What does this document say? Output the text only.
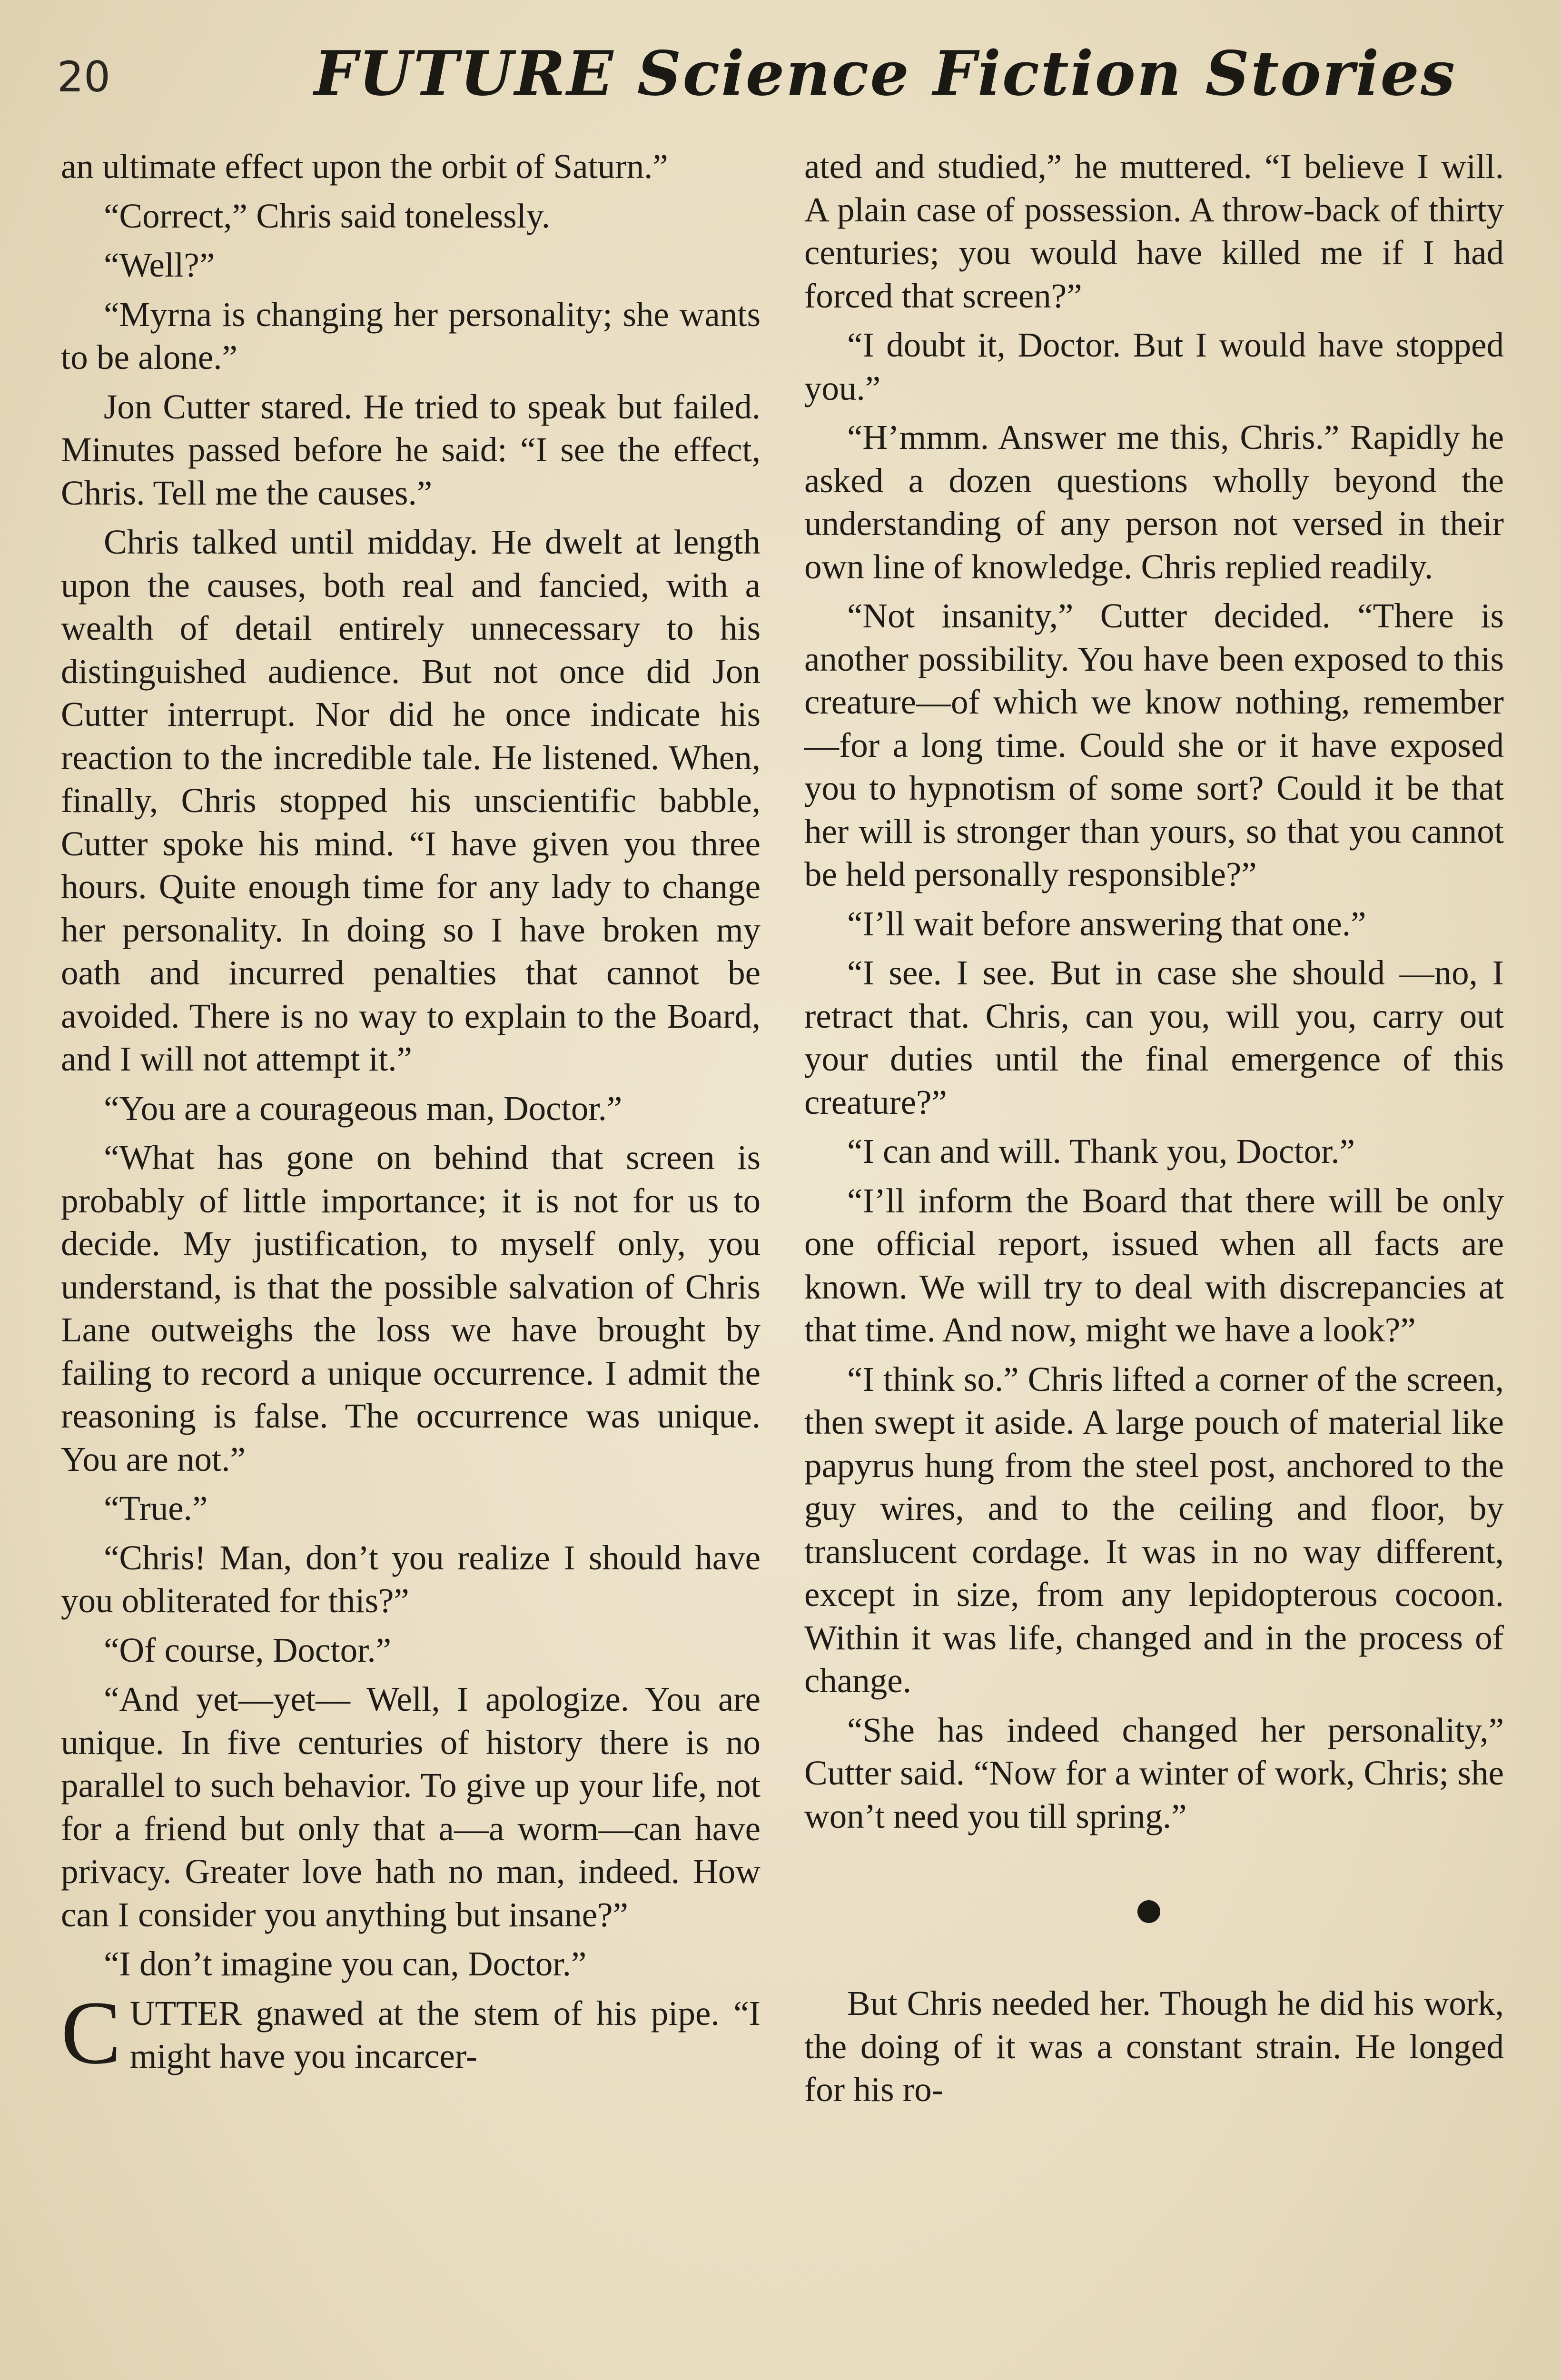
20	FUTURE Science Fiction Stories

an ultimate effect upon the orbit of Saturn.”

“Correct,” Chris said tonelessly.

“Well?”

“Myrna is changing her personality; she wants to be alone.”

Jon Cutter stared. He tried to speak but failed. Minutes passed before he said: “I see the effect, Chris. Tell me the causes.”

Chris talked until midday. He dwelt at length upon the causes, both real and fancied, with a wealth of detail entirely unnecessary to his distinguished audience. But not once did Jon Cutter interrupt. Nor did he once indicate his reaction to the incredible tale. He listened. When, finally, Chris stopped his unscientific babble, Cutter spoke his mind. “I have given you three hours. Quite enough time for any lady to change her personality. In doing so I have broken my oath and incurred penalties that cannot be avoided. There is no way to explain to the Board, and I will not attempt it.”

“You are a courageous man, Doctor.”

“What has gone on behind that screen is probably of little importance; it is not for us to decide. My justification, to myself only, you understand, is that the possible salvation of Chris Lane outweighs the loss we have brought by failing to record a unique occurrence. I admit the reasoning is false. The occurrence was unique. You are not.”

“True.”

“Chris! Man, don’t you realize I should have you obliterated for this?”

“Of course, Doctor.”

“And yet—yet— Well, I apologize. You are unique. In five centuries of history there is no parallel to such behavior. To give up your life, not for a friend but only that a—a worm—can have privacy. Greater love hath no man, indeed. How can I consider you anything but insane?”

“I don’t imagine you can, Doctor.”

C UTTER gnawed at the stem of his pipe. “I might have you incarcer-

ated and studied,” he muttered. “I believe I will. A plain case of possession. A throw-back of thirty centuries; you would have killed me if I had forced that screen?”

“I doubt it, Doctor. But I would have stopped you.”

“H’mmm. Answer me this, Chris.” Rapidly he asked a dozen questions wholly beyond the understanding of any person not versed in their own line of knowledge. Chris replied readily.

“Not insanity,” Cutter decided. “There is another possibility. You have been exposed to this creature—of which we know nothing, remember—for a long time. Could she or it have exposed you to hypnotism of some sort? Could it be that her will is stronger than yours, so that you cannot be held personally responsible?”

“I’ll wait before answering that one.”

“I see. I see. But in case she should —no, I retract that. Chris, can you, will you, carry out your duties until the final emergence of this creature?”

“I can and will. Thank you, Doctor.”

“I’ll inform the Board that there will be only one official report, issued when all facts are known. We will try to deal with discrepancies at that time. And now, might we have a look?”

“I think so.” Chris lifted a corner of the screen, then swept it aside. A large pouch of material like papyrus hung from the steel post, anchored to the guy wires, and to the ceiling and floor, by translucent cordage. It was in no way different, except in size, from any lepidopterous cocoon. Within it was life, changed and in the process of change.

“She has indeed changed her personality,” Cutter said. “Now for a winter of work, Chris; she won’t need you till spring.”

But Chris needed her. Though he did his work, the doing of it was a constant strain. He longed for his ro-
